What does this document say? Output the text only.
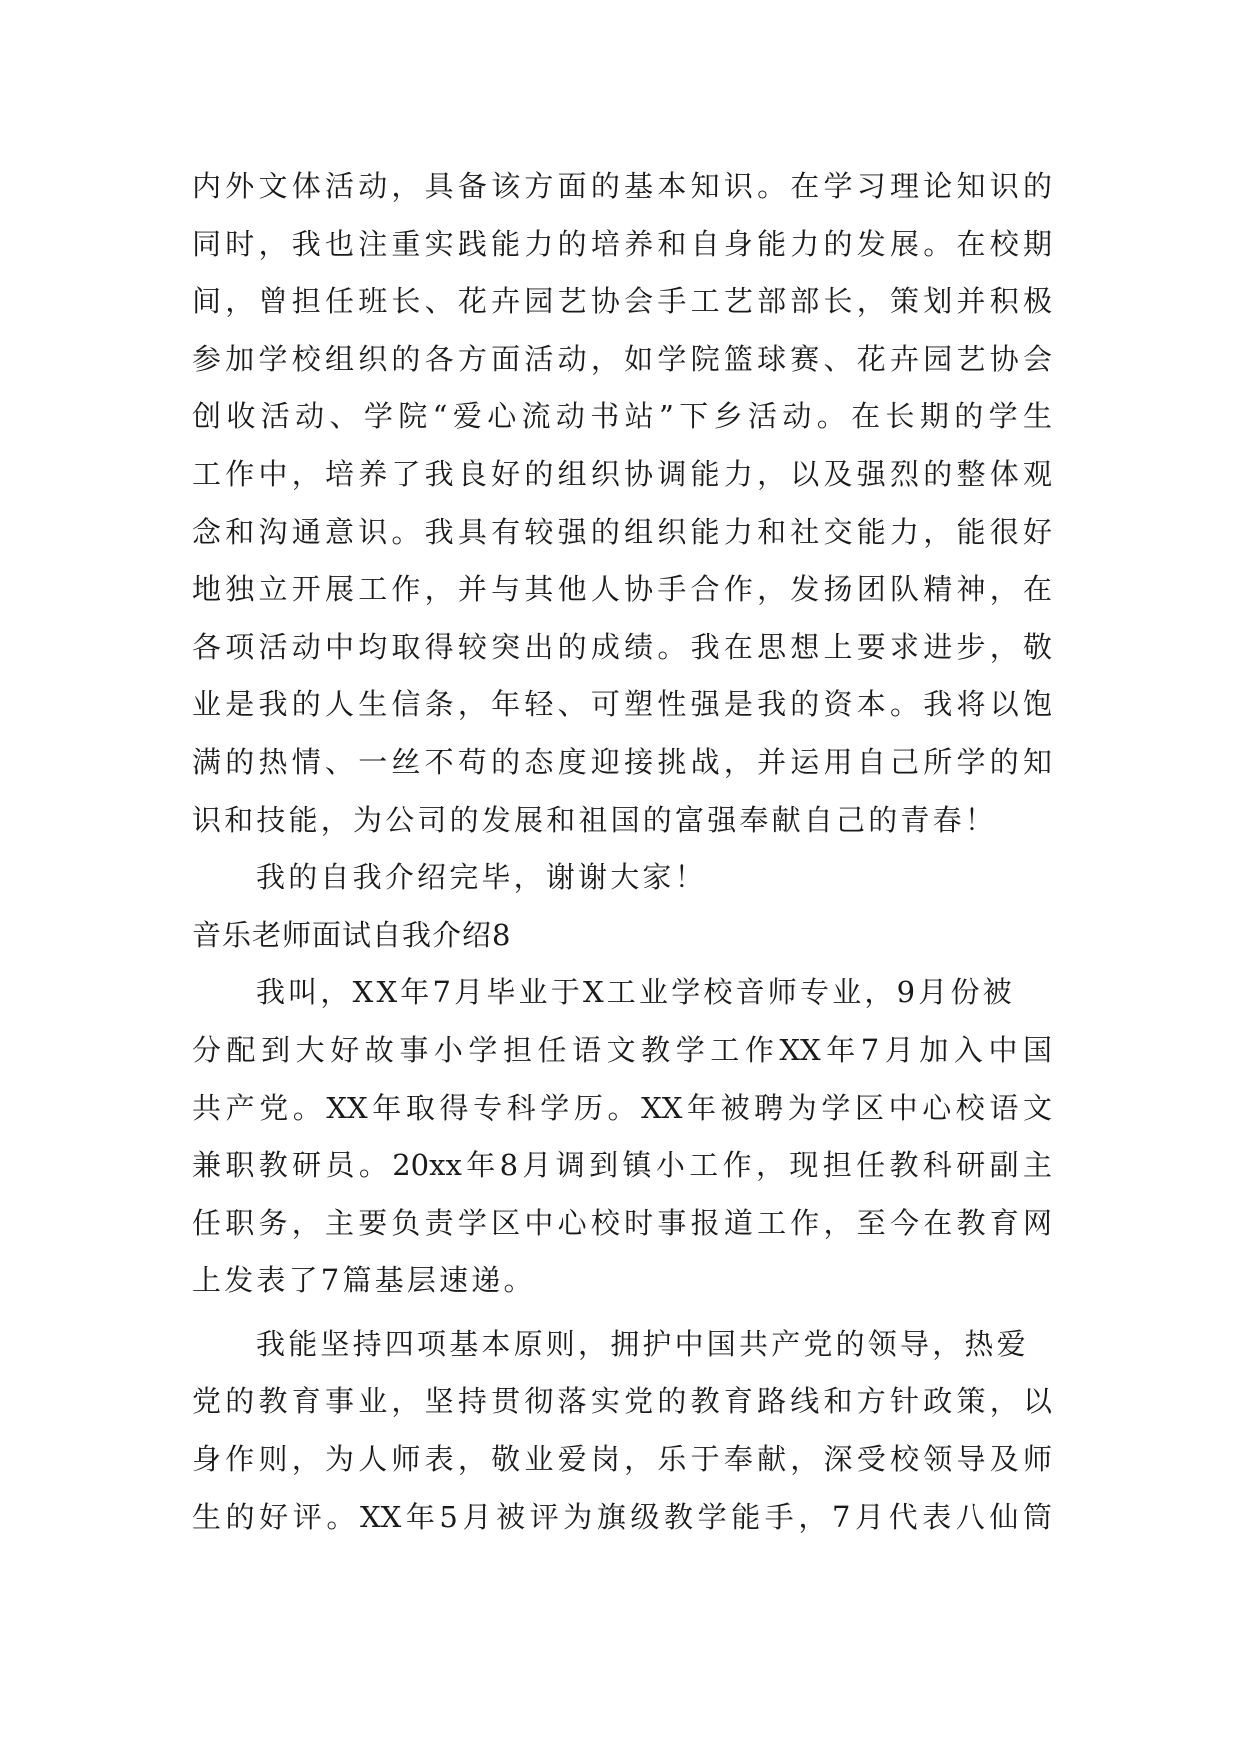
内外文体活动，具备该方面的基本知识。在学习理论知识的
同时，我也注重实践能力的培养和自身能力的发展。在校期
间，曾担任班长、花卉园艺协会手工艺部部长，策划并积极
参加学校组织的各方面活动，如学院篮球赛、花卉园艺协会
创收活动、学院“爱心流动书站”下乡活动。在长期的学生
工作中，培养了我良好的组织协调能力，以及强烈的整体观
念和沟通意识。我具有较强的组织能力和社交能力，能很好
地独立开展工作，并与其他人协手合作，发扬团队精神，在
各项活动中均取得较突出的成绩。我在思想上要求进步，敬
业是我的人生信条，年轻、可塑性强是我的资本。我将以饱
满的热情、一丝不苟的态度迎接挑战，并运用自己所学的知
识和技能，为公司的发展和祖国的富强奉献自己的青春！
我的自我介绍完毕，谢谢大家！
音乐老师面试自我介绍8
我叫，XX年7月毕业于X工业学校音师专业，9月份被
分配到大好故事小学担任语文教学工作XX年7月加入中国
共产党。XX年取得专科学历。XX年被聘为学区中心校语文
兼职教研员。20xx年8月调到镇小工作，现担任教科研副主
任职务，主要负责学区中心校时事报道工作，至今在教育网
上发表了7篇基层速递。
我能坚持四项基本原则，拥护中国共产党的领导，热爱
党的教育事业，坚持贯彻落实党的教育路线和方针政策，以
身作则，为人师表，敬业爱岗，乐于奉献，深受校领导及师
生的好评。XX年5月被评为旗级教学能手，7月代表八仙筒
